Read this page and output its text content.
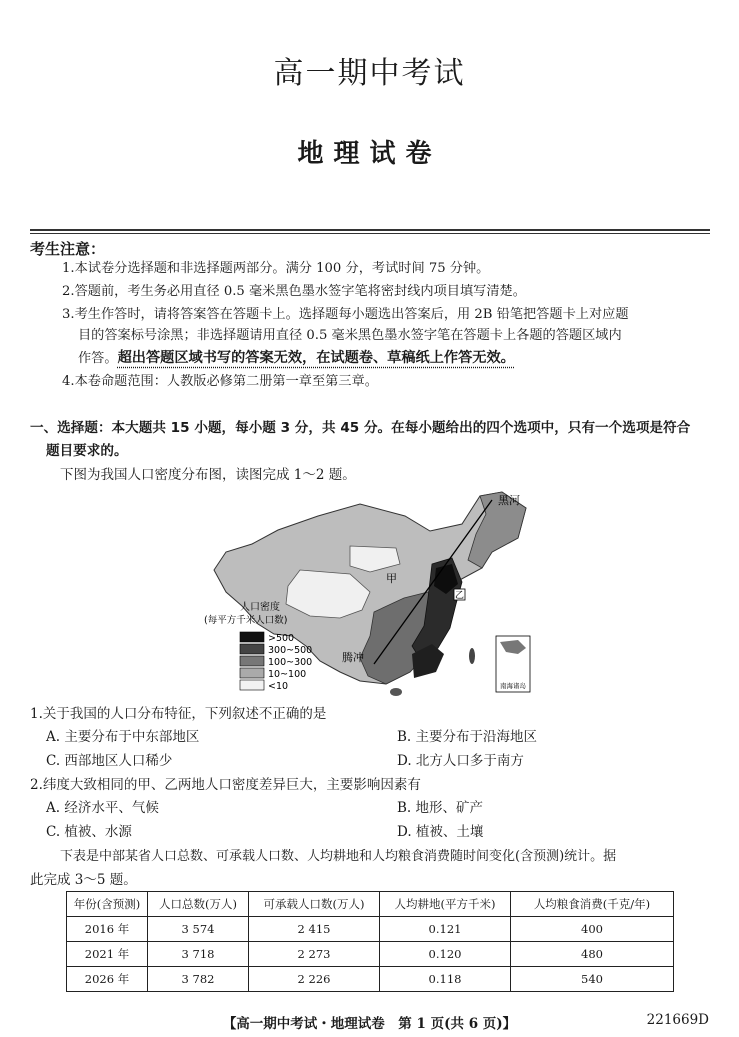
高一期中考试
地理试卷
考生注意：
1.本试卷分选择题和非选择题两部分。满分 100 分，考试时间 75 分钟。
2.答题前，考生务必用直径 0.5 毫米黑色墨水签字笔将密封线内项目填写清楚。
3.考生作答时，请将答案答在答题卡上。选择题每小题选出答案后，用 2B 铅笔把答题卡上对应题
目的答案标号涂黑；非选择题请用直径 0.5 毫米黑色墨水签字笔在答题卡上各题的答题区域内
作答。超出答题区域书写的答案无效，在试题卷、草稿纸上作答无效。
4.本卷命题范围：人教版必修第二册第一章至第三章。
一、选择题：本大题共 15 小题，每小题 3 分，共 45 分。在每小题给出的四个选项中，只有一个选项是符合
题目要求的。
下图为我国人口密度分布图，读图完成 1～2 题。
黑河
腾冲
甲
乙
人口密度
(每平方千米人口数)
>500
300~500
100~300
10~100
<10	南海诸岛
1.关于我国的人口分布特征，下列叙述不正确的是
A. 主要分布于中东部地区	B. 主要分布于沿海地区
C. 西部地区人口稀少	D. 北方人口多于南方
2.纬度大致相同的甲、乙两地人口密度差异巨大，主要影响因素有
A. 经济水平、气候	B. 地形、矿产
C. 植被、水源	D. 植被、土壤
下表是中部某省人口总数、可承载人口数、人均耕地和人均粮食消费随时间变化(含预测)统计。据
此完成 3～5 题。
年份(含预测)	人口总数(万人)	可承载人口数(万人)	人均耕地(平方千米)	人均粮食消费(千克/年)
2016 年	3 574	2 415	0.121	400
2021 年	3 718	2 273	0.120	480
2026 年	3 782	2 226	0.118	540
【高一期中考试・地理试卷　第 1 页(共 6 页)】	221669D
